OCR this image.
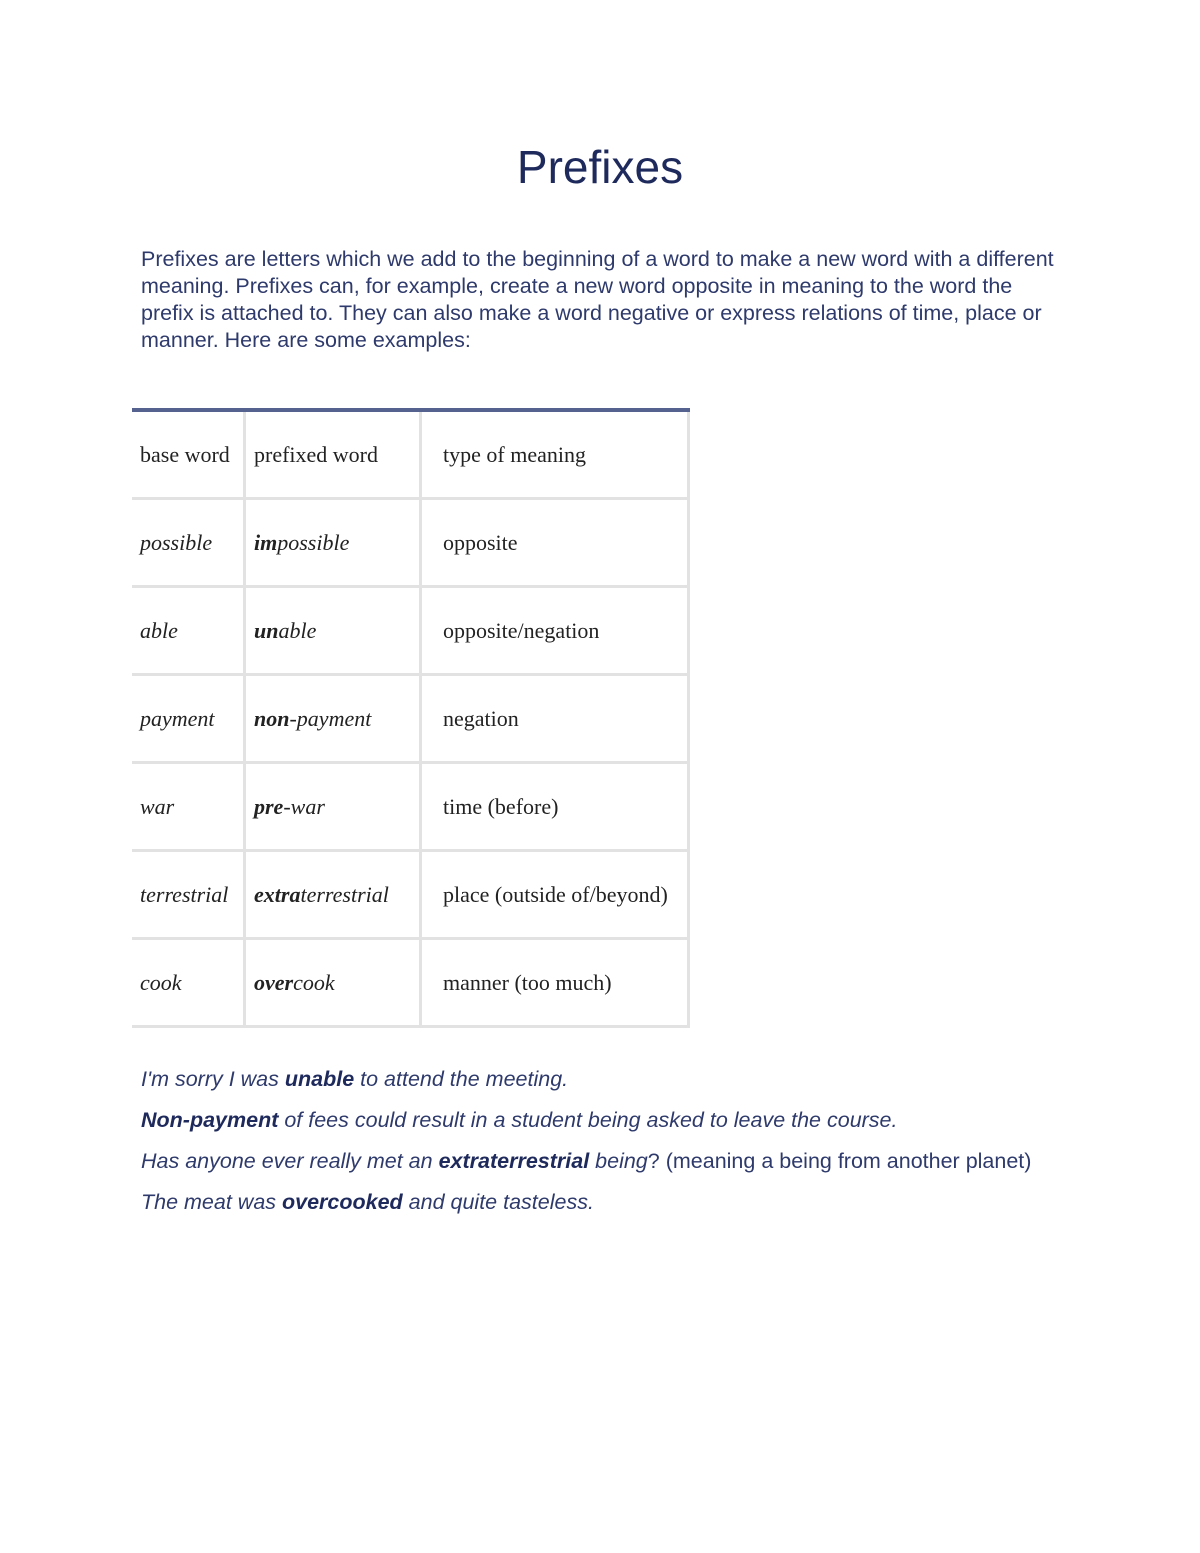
Prefixes

Prefixes are letters which we add to the beginning of a word to make a new word with a different meaning. Prefixes can, for example, create a new word opposite in meaning to the word the prefix is attached to. They can also make a word negative or express relations of time, place or manner. Here are some examples:

base word	prefixed word	type of meaning
possible	impossible	opposite
able	unable	opposite/negation
payment	non-payment	negation
war	pre-war	time (before)
terrestrial	extraterrestrial	place (outside of/beyond)
cook	overcook	manner (too much)

I'm sorry I was unable to attend the meeting.

Non-payment of fees could result in a student being asked to leave the course.

Has anyone ever really met an extraterrestrial being? (meaning a being from another planet)

The meat was overcooked and quite tasteless.
